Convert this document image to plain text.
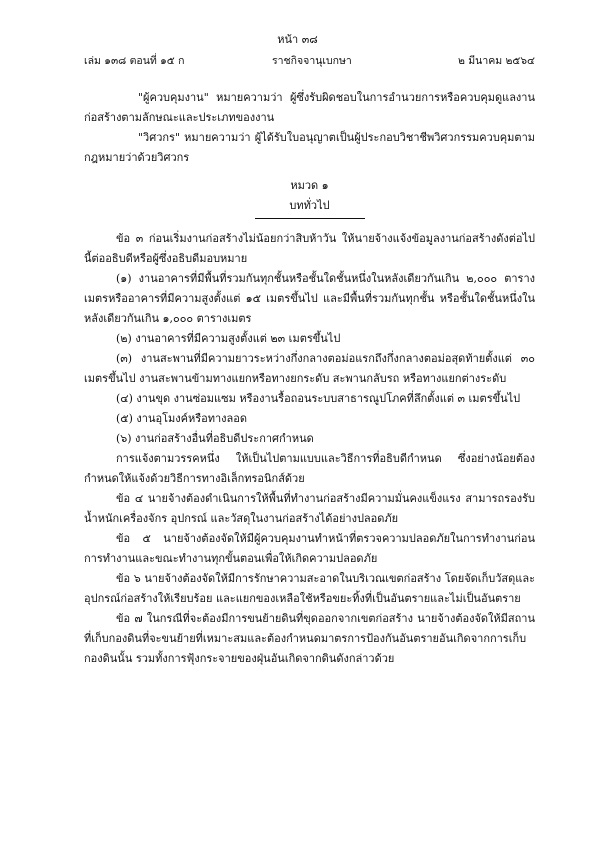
หน้า ๓๘
เล่ม ๑๓๘ ตอนที่ ๑๕ ก	ราชกิจจานุเบกษา	๒ มีนาคม ๒๕๖๔

"ผู้ควบคุมงาน" หมายความว่า ผู้ซึ่งรับผิดชอบในการอำนวยการหรือควบคุมดูแลงานก่อสร้างตามลักษณะและประเภทของงาน

"วิศวกร" หมายความว่า ผู้ได้รับใบอนุญาตเป็นผู้ประกอบวิชาชีพวิศวกรรมควบคุมตามกฎหมายว่าด้วยวิศวกร

หมวด ๑

บททั่วไป

ข้อ ๓ ก่อนเริ่มงานก่อสร้างไม่น้อยกว่าสิบห้าวัน ให้นายจ้างแจ้งข้อมูลงานก่อสร้างดังต่อไปนี้ต่ออธิบดีหรือผู้ซึ่งอธิบดีมอบหมาย

(๑) งานอาคารที่มีพื้นที่รวมกันทุกชั้นหรือชั้นใดชั้นหนึ่งในหลังเดียวกันเกิน ๒,๐๐๐ ตารางเมตรหรืออาคารที่มีความสูงตั้งแต่ ๑๕ เมตรขึ้นไป และมีพื้นที่รวมกันทุกชั้น หรือชั้นใดชั้นหนึ่งในหลังเดียวกันเกิน ๑,๐๐๐ ตารางเมตร

(๒) งานอาคารที่มีความสูงตั้งแต่ ๒๓ เมตรขึ้นไป

(๓) งานสะพานที่มีความยาวระหว่างกึ่งกลางตอม่อแรกถึงกึ่งกลางตอม่อสุดท้ายตั้งแต่ ๓๐ เมตรขึ้นไป งานสะพานข้ามทางแยกหรือทางยกระดับ สะพานกลับรถ หรือทางแยกต่างระดับ

(๔) งานขุด งานซ่อมแซม หรืองานรื้อถอนระบบสาธารณูปโภคที่ลึกตั้งแต่ ๓ เมตรขึ้นไป

(๕) งานอุโมงค์หรือทางลอด

(๖) งานก่อสร้างอื่นที่อธิบดีประกาศกำหนด

การแจ้งตามวรรคหนึ่ง ให้เป็นไปตามแบบและวิธีการที่อธิบดีกำหนด ซึ่งอย่างน้อยต้องกำหนดให้แจ้งด้วยวิธีการทางอิเล็กทรอนิกส์ด้วย

ข้อ ๔ นายจ้างต้องดำเนินการให้พื้นที่ทำงานก่อสร้างมีความมั่นคงแข็งแรง สามารถรองรับน้ำหนักเครื่องจักร อุปกรณ์ และวัสดุในงานก่อสร้างได้อย่างปลอดภัย

ข้อ ๕ นายจ้างต้องจัดให้มีผู้ควบคุมงานทำหน้าที่ตรวจความปลอดภัยในการทำงานก่อนการทำงานและขณะทำงานทุกขั้นตอนเพื่อให้เกิดความปลอดภัย

ข้อ ๖ นายจ้างต้องจัดให้มีการรักษาความสะอาดในบริเวณเขตก่อสร้าง โดยจัดเก็บวัสดุและอุปกรณ์ก่อสร้างให้เรียบร้อย และแยกของเหลือใช้หรือขยะทิ้งที่เป็นอันตรายและไม่เป็นอันตราย

ข้อ ๗ ในกรณีที่จะต้องมีการขนย้ายดินที่ขุดออกจากเขตก่อสร้าง นายจ้างต้องจัดให้มีสถานที่เก็บกองดินที่จะขนย้ายที่เหมาะสมและต้องกำหนดมาตรการป้องกันอันตรายอันเกิดจากการเก็บกองดินนั้น รวมทั้งการฟุ้งกระจายของฝุ่นอันเกิดจากดินดังกล่าวด้วย
